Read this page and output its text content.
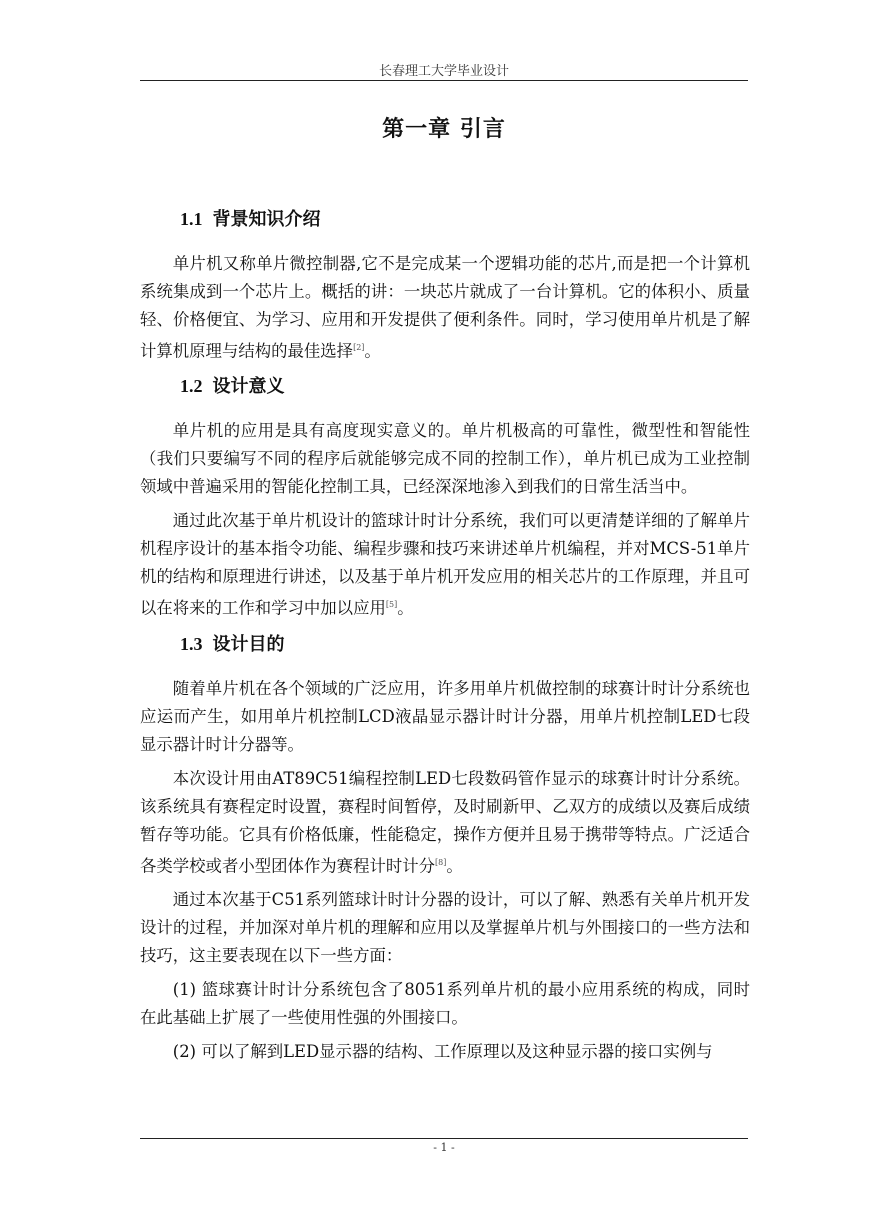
长春理工大学毕业设计
第一章 引言
1.1 背景知识介绍

单片机又称单片微控制器,它不是完成某一个逻辑功能的芯片,而是把一个计算机系统集成到一个芯片上。概括的讲：一块芯片就成了一台计算机。它的体积小、质量轻、价格便宜、为学习、应用和开发提供了便利条件。同时，学习使用单片机是了解计算机原理与结构的最佳选择[2]。

1.2 设计意义

单片机的应用是具有高度现实意义的。单片机极高的可靠性，微型性和智能性（我们只要编写不同的程序后就能够完成不同的控制工作），单片机已成为工业控制领域中普遍采用的智能化控制工具，已经深深地渗入到我们的日常生活当中。

通过此次基于单片机设计的篮球计时计分系统，我们可以更清楚详细的了解单片机程序设计的基本指令功能、编程步骤和技巧来讲述单片机编程，并对MCS-51单片机的结构和原理进行讲述，以及基于单片机开发应用的相关芯片的工作原理，并且可以在将来的工作和学习中加以应用[5]。

1.3 设计目的

随着单片机在各个领域的广泛应用，许多用单片机做控制的球赛计时计分系统也应运而产生，如用单片机控制LCD液晶显示器计时计分器，用单片机控制LED七段显示器计时计分器等。

本次设计用由AT89C51编程控制LED七段数码管作显示的球赛计时计分系统。该系统具有赛程定时设置，赛程时间暂停，及时刷新甲、乙双方的成绩以及赛后成绩暂存等功能。它具有价格低廉，性能稳定，操作方便并且易于携带等特点。广泛适合各类学校或者小型团体作为赛程计时计分[8]。

通过本次基于C51系列篮球计时计分器的设计，可以了解、熟悉有关单片机开发设计的过程，并加深对单片机的理解和应用以及掌握单片机与外围接口的一些方法和技巧，这主要表现在以下一些方面：

(1) 篮球赛计时计分系统包含了8051系列单片机的最小应用系统的构成，同时在此基础上扩展了一些使用性强的外围接口。

(2) 可以了解到LED显示器的结构、工作原理以及这种显示器的接口实例与

- 1 -
